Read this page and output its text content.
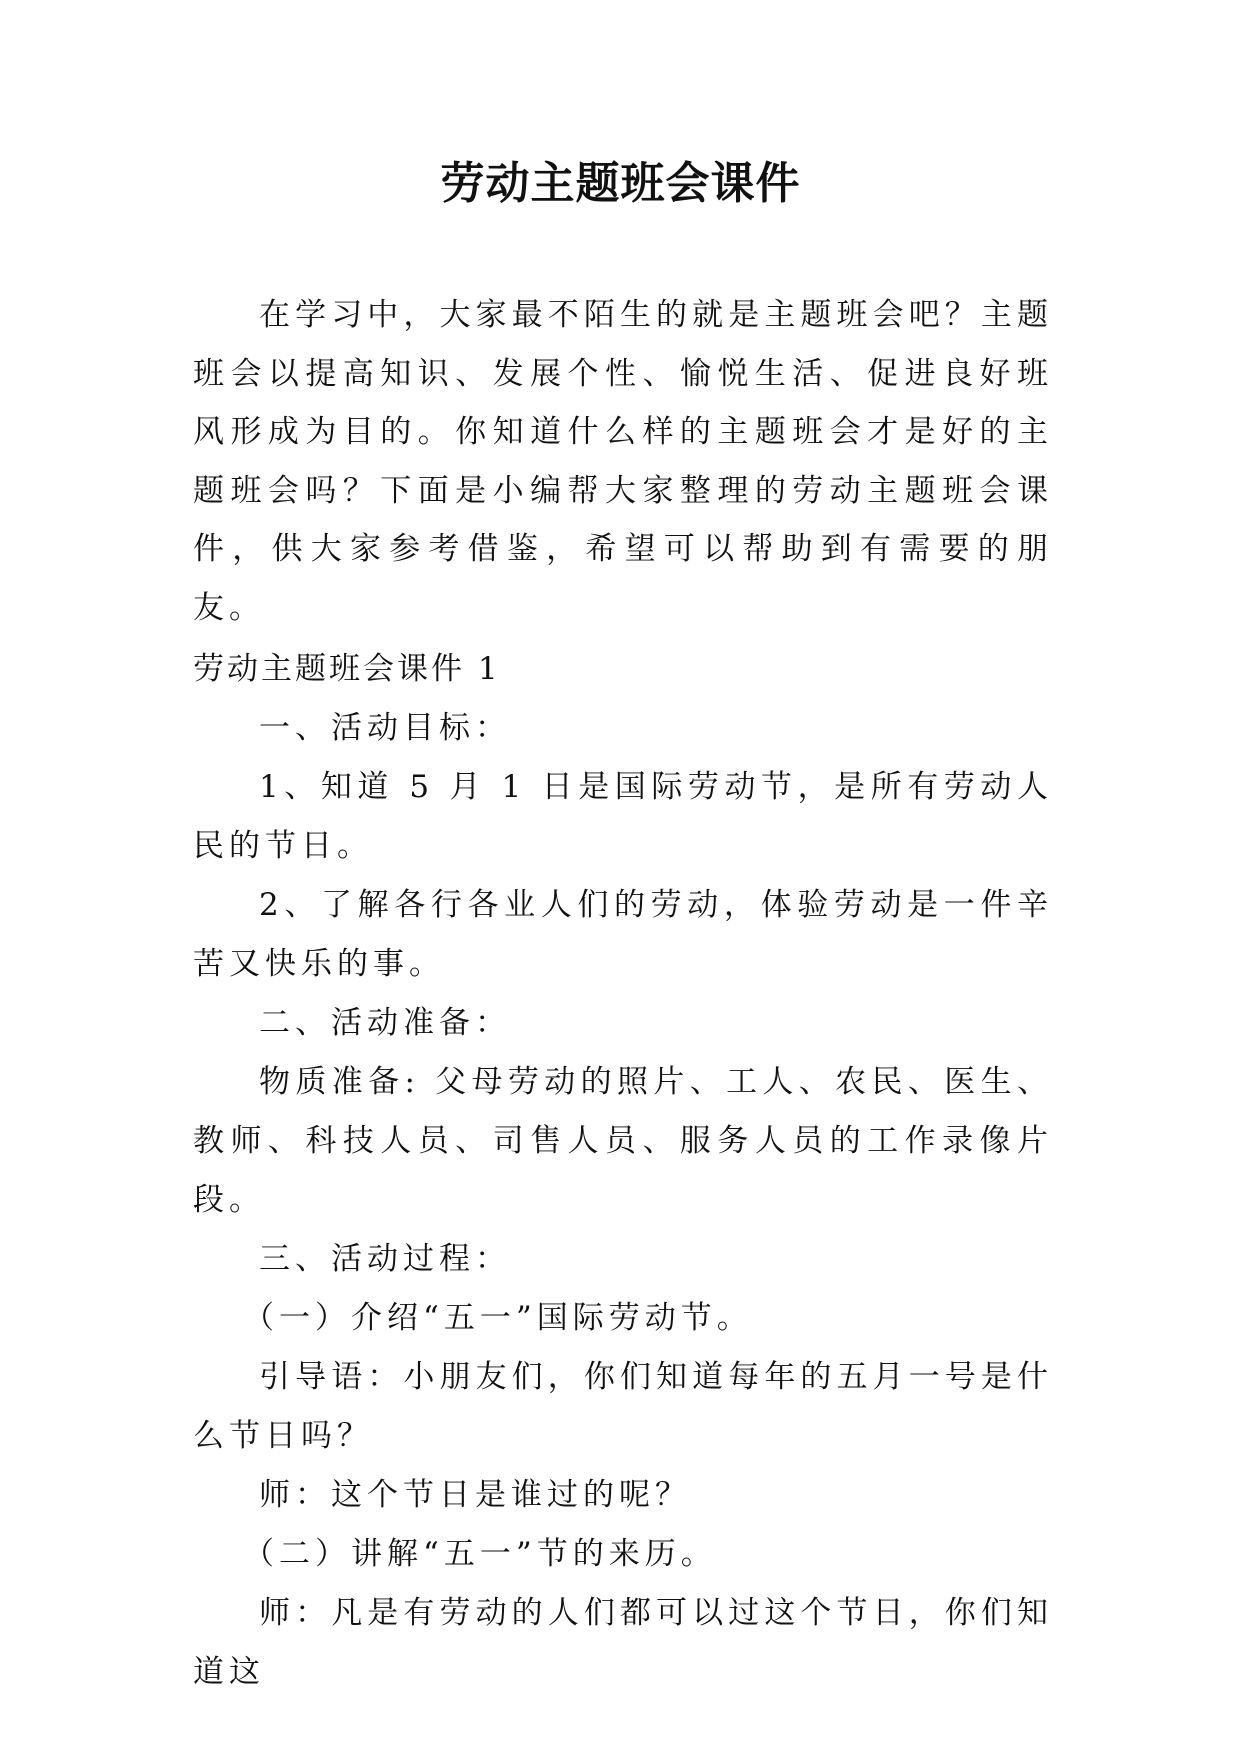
劳动主题班会课件

在学习中，大家最不陌生的就是主题班会吧？主题班会以提高知识、发展个性、愉悦生活、促进良好班风形成为目的。你知道什么样的主题班会才是好的主题班会吗？下面是小编帮大家整理的劳动主题班会课件，供大家参考借鉴，希望可以帮助到有需要的朋友。

劳动主题班会课件 1

一、活动目标：

1、知道 5 月 1 日是国际劳动节，是所有劳动人民的节日。

2、了解各行各业人们的劳动，体验劳动是一件辛苦又快乐的事。

二、活动准备：

物质准备: 父母劳动的照片、工人、农民、医生、教师、科技人员、司售人员、服务人员的工作录像片段。

三、活动过程：

（一）介绍“五一”国际劳动节。

引导语：小朋友们，你们知道每年的五月一号是什么节日吗？

师：这个节日是谁过的呢？

（二）讲解“五一”节的来历。

师：凡是有劳动的人们都可以过这个节日，你们知道这
